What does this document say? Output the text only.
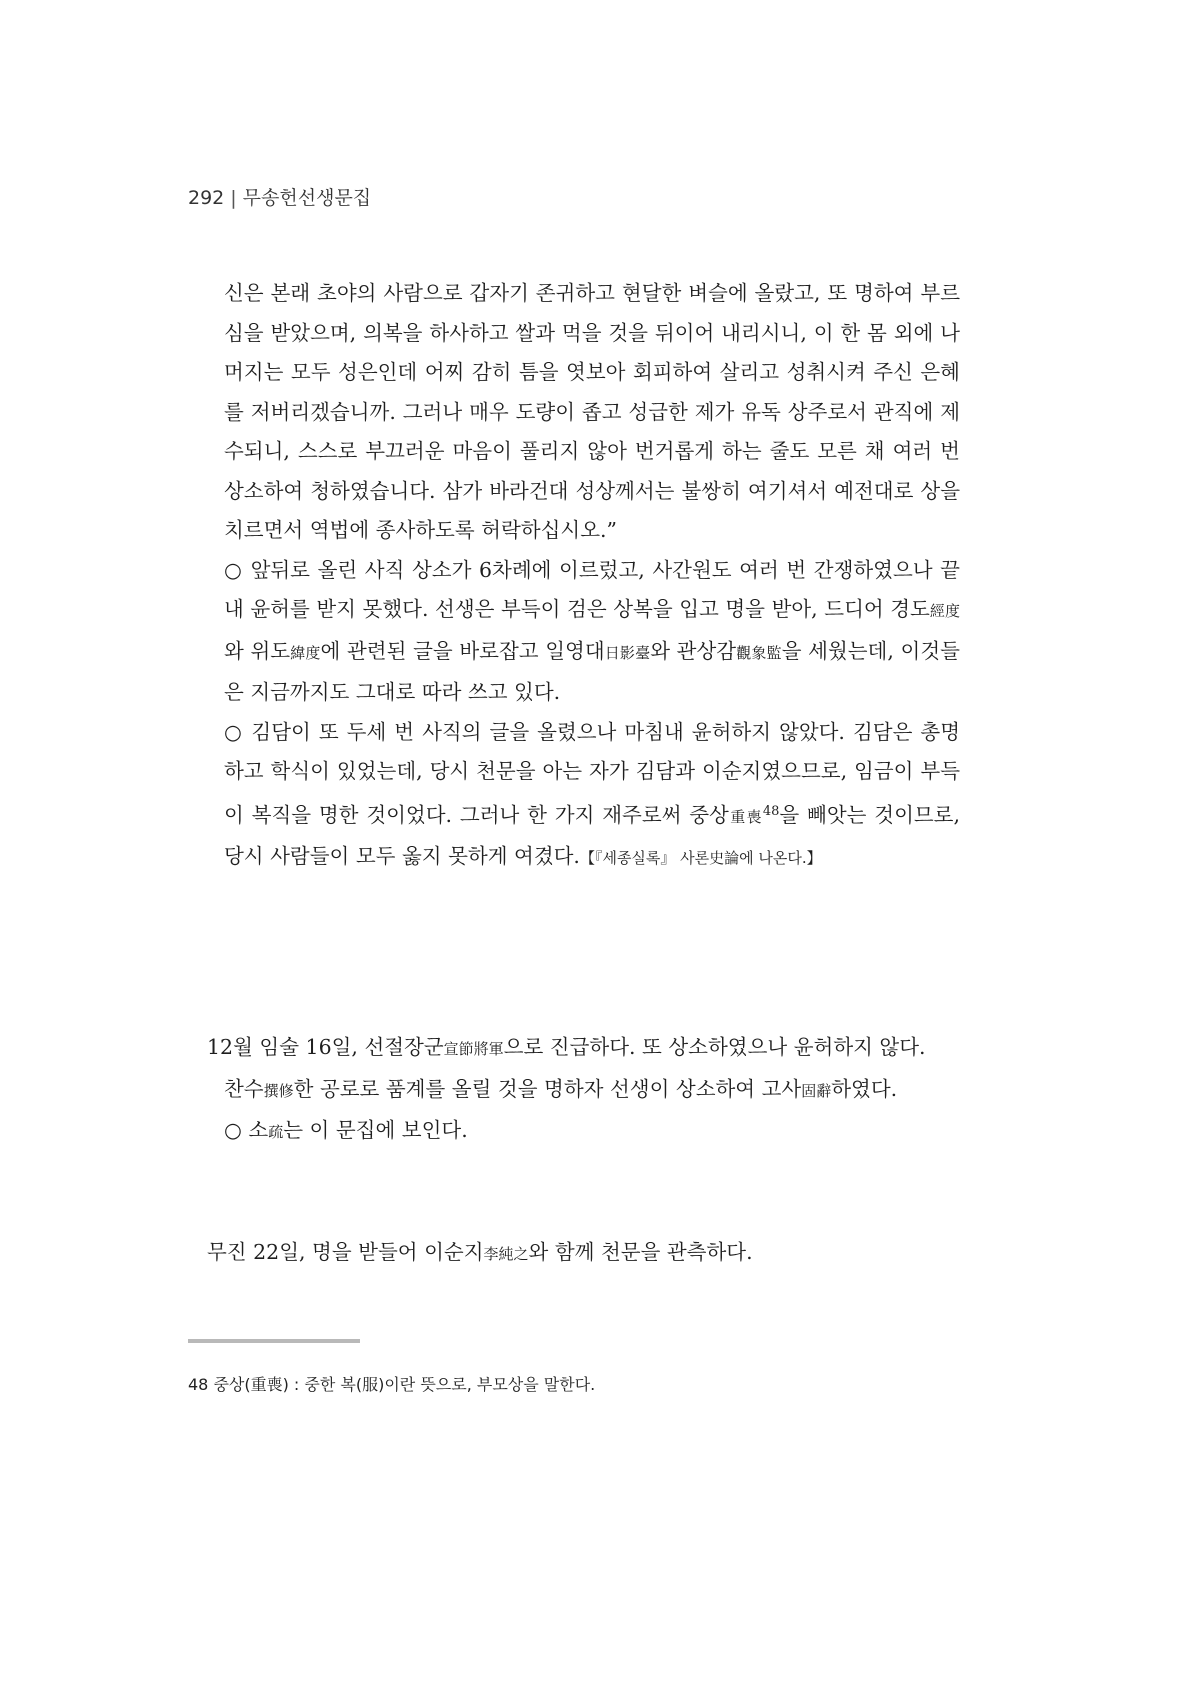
292 | 무송헌선생문집

신은 본래 초야의 사람으로 갑자기 존귀하고 현달한 벼슬에 올랐고, 또 명하여 부르심을 받았으며, 의복을 하사하고 쌀과 먹을 것을 뒤이어 내리시니, 이 한 몸 외에 나머지는 모두 성은인데 어찌 감히 틈을 엿보아 회피하여 살리고 성취시켜 주신 은혜를 저버리겠습니까. 그러나 매우 도량이 좁고 성급한 제가 유독 상주로서 관직에 제수되니, 스스로 부끄러운 마음이 풀리지 않아 번거롭게 하는 줄도 모른 채 여러 번 상소하여 청하였습니다. 삼가 바라건대 성상께서는 불쌍히 여기셔서 예전대로 상을 치르면서 역법에 종사하도록 허락하십시오.”

○ 앞뒤로 올린 사직 상소가 6차례에 이르렀고, 사간원도 여러 번 간쟁하였으나 끝내 윤허를 받지 못했다. 선생은 부득이 검은 상복을 입고 명을 받아, 드디어 경도經度와 위도緯度에 관련된 글을 바로잡고 일영대日影臺와 관상감觀象監을 세웠는데, 이것들은 지금까지도 그대로 따라 쓰고 있다.

○ 김담이 또 두세 번 사직의 글을 올렸으나 마침내 윤허하지 않았다. 김담은 총명하고 학식이 있었는데, 당시 천문을 아는 자가 김담과 이순지였으므로, 임금이 부득이 복직을 명한 것이었다. 그러나 한 가지 재주로써 중상重喪$^{48}$을 빼앗는 것이므로, 당시 사람들이 모두 옳지 못하게 여겼다.【『세종실록』 사론史論에 나온다.】

12월 임술 16일, 선절장군宣節將軍으로 진급하다. 또 상소하였으나 윤허하지 않다.

찬수撰修한 공로로 품계를 올릴 것을 명하자 선생이 상소하여 고사固辭하였다.

○ 소疏는 이 문집에 보인다.

무진 22일, 명을 받들어 이순지李純之와 함께 천문을 관측하다.

48 중상(重喪) : 중한 복(服)이란 뜻으로, 부모상을 말한다.
